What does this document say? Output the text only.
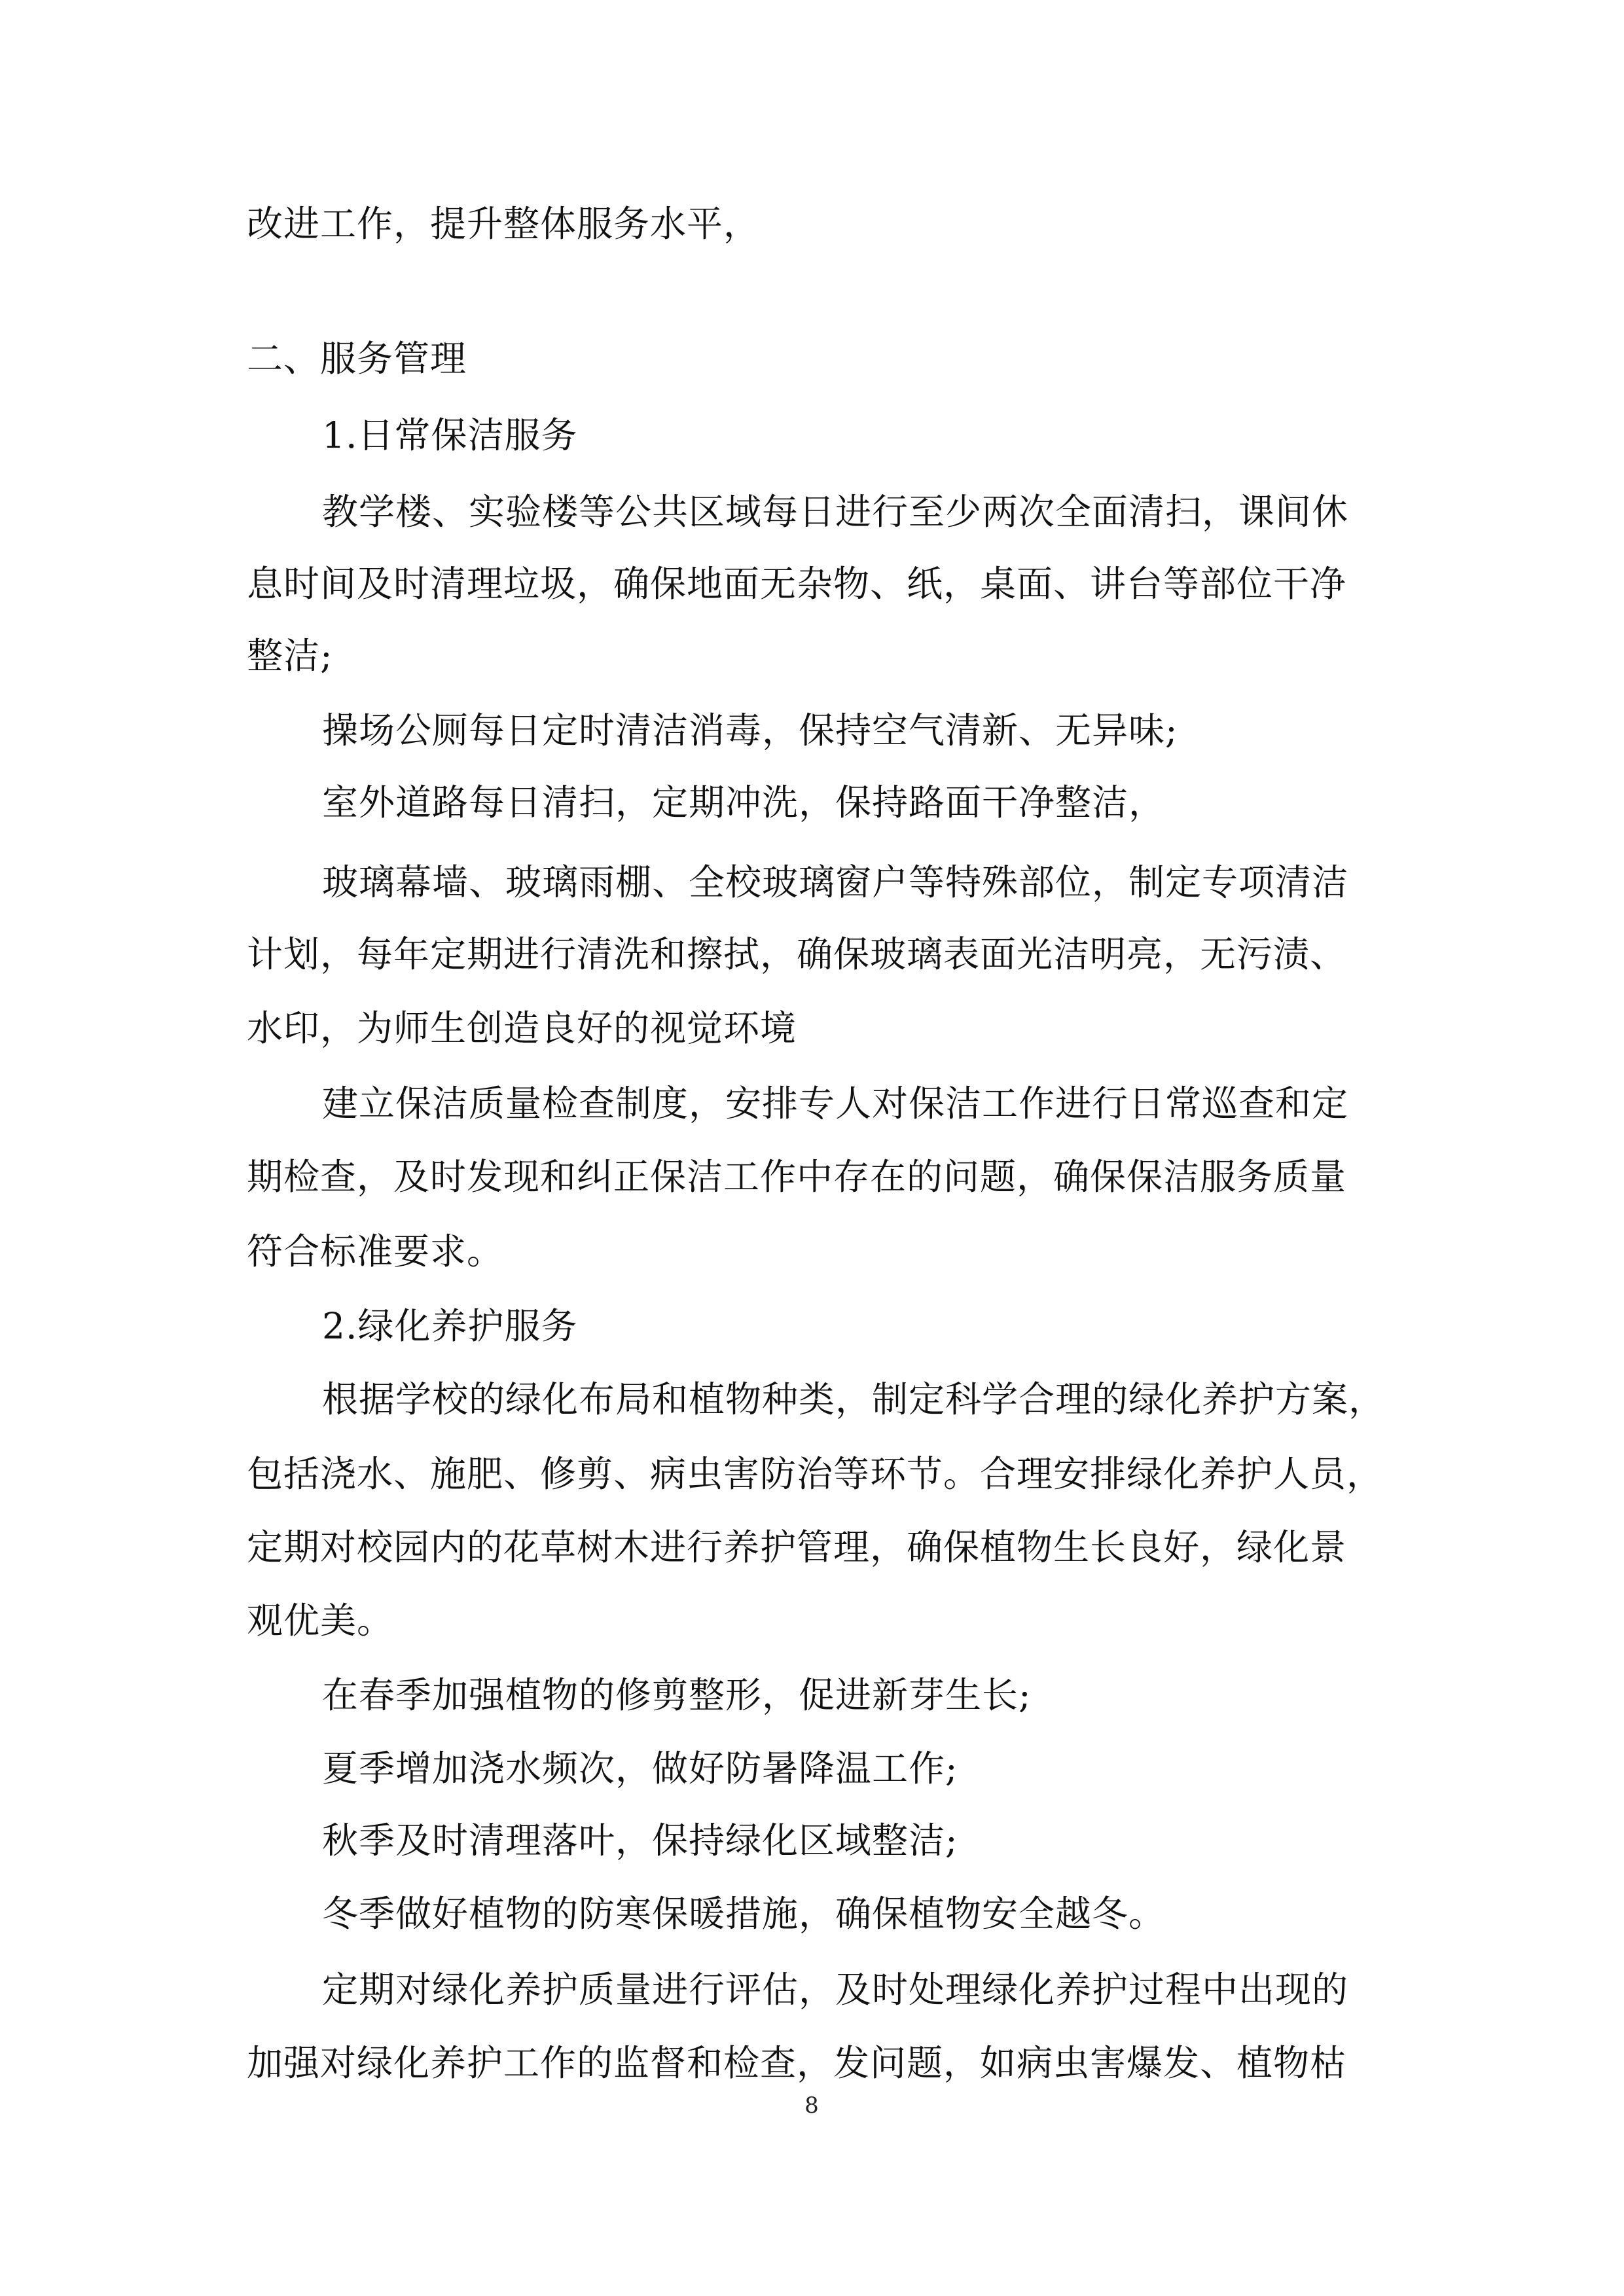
改进工作，提升整体服务水平，

二、服务管理

1.日常保洁服务

教学楼、实验楼等公共区域每日进行至少两次全面清扫，课间休

息时间及时清理垃圾，确保地面无杂物、纸，桌面、讲台等部位干净

整洁;

操场公厕每日定时清洁消毒，保持空气清新、无异味;

室外道路每日清扫，定期冲洗，保持路面干净整洁，

玻璃幕墙、玻璃雨棚、全校玻璃窗户等特殊部位，制定专项清洁

计划，每年定期进行清洗和擦拭，确保玻璃表面光洁明亮，无污渍、

水印，为师生创造良好的视觉环境

建立保洁质量检查制度，安排专人对保洁工作进行日常巡查和定

期检查，及时发现和纠正保洁工作中存在的问题，确保保洁服务质量

符合标准要求。

2.绿化养护服务

根据学校的绿化布局和植物种类，制定科学合理的绿化养护方案，

包括浇水、施肥、修剪、病虫害防治等环节。合理安排绿化养护人员，

定期对校园内的花草树木进行养护管理，确保植物生长良好，绿化景

观优美。

在春季加强植物的修剪整形，促进新芽生长;

夏季增加浇水频次，做好防暑降温工作;

秋季及时清理落叶，保持绿化区域整洁;

冬季做好植物的防寒保暖措施，确保植物安全越冬。

定期对绿化养护质量进行评估，及时处理绿化养护过程中出现的

加强对绿化养护工作的监督和检查，发问题，如病虫害爆发、植物枯

8
